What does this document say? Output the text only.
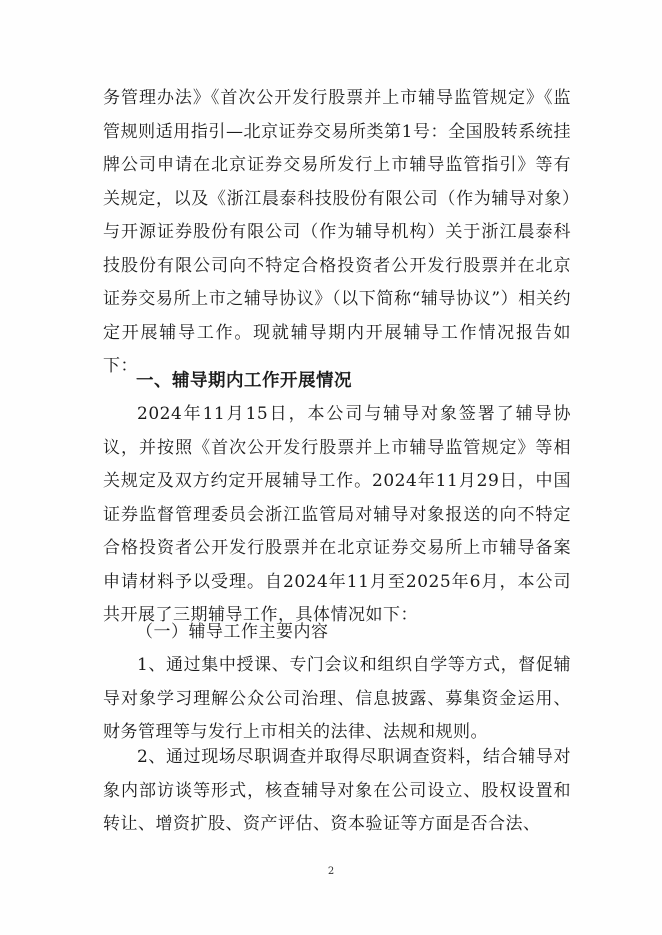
务管理办法》《首次公开发行股票并上市辅导监管规定》《监管规则适用指引—北京证券交易所类第1号：全国股转系统挂牌公司申请在北京证券交易所发行上市辅导监管指引》等有关规定，以及《浙江晨泰科技股份有限公司（作为辅导对象）与开源证券股份有限公司（作为辅导机构）关于浙江晨泰科技股份有限公司向不特定合格投资者公开发行股票并在北京证券交易所上市之辅导协议》（以下简称“辅导协议”）相关约定开展辅导工作。现就辅导期内开展辅导工作情况报告如下：

一、辅导期内工作开展情况

2024年11月15日，本公司与辅导对象签署了辅导协议，并按照《首次公开发行股票并上市辅导监管规定》等相关规定及双方约定开展辅导工作。2024年11月29日，中国证券监督管理委员会浙江监管局对辅导对象报送的向不特定合格投资者公开发行股票并在北京证券交易所上市辅导备案申请材料予以受理。自2024年11月至2025年6月，本公司共开展了三期辅导工作，具体情况如下：

（一）辅导工作主要内容

1、通过集中授课、专门会议和组织自学等方式，督促辅导对象学习理解公众公司治理、信息披露、募集资金运用、财务管理等与发行上市相关的法律、法规和规则。

2、通过现场尽职调查并取得尽职调查资料，结合辅导对象内部访谈等形式，核查辅导对象在公司设立、股权设置和转让、增资扩股、资产评估、资本验证等方面是否合法、

2
